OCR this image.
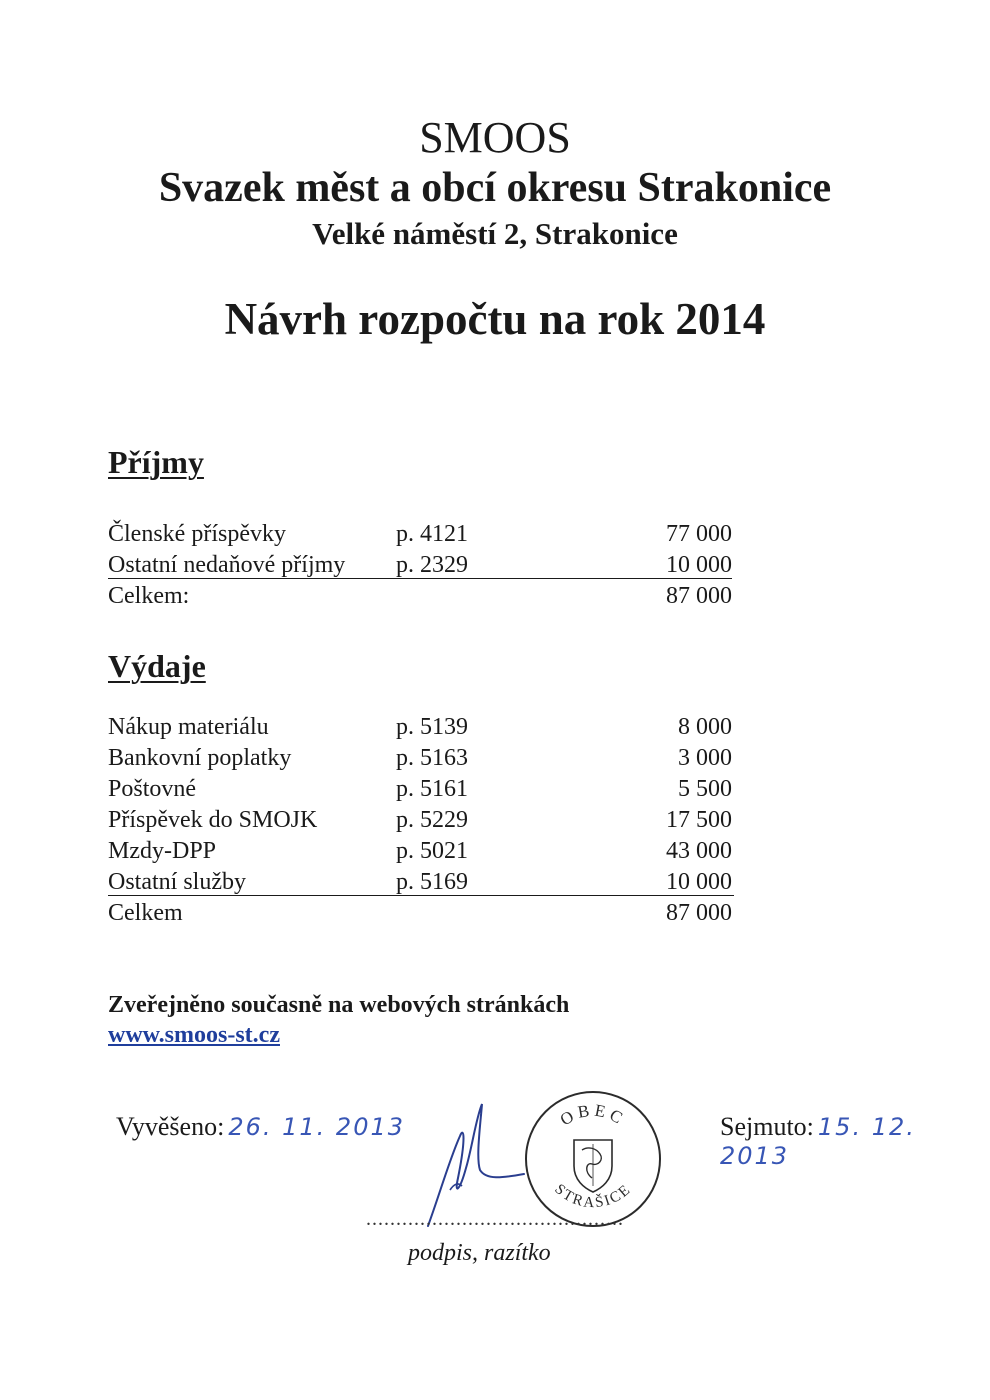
SMOOS
Svazek měst a obcí okresu Strakonice
Velké náměstí 2, Strakonice
Návrh rozpočtu na rok 2014
Příjmy
Členské příspěvky	p. 4121	77 000
Ostatní nedaňové příjmy p. 2329	10 000
Celkem:	87 000
Výdaje
Nákup materiálu	p. 5139	8 000
Bankovní poplatky	p. 5163	3 000
Poštovné	p. 5161	5 500
Příspěvek do SMOJK	p. 5229	17 500
Mzdy-DPP	p. 5021	43 000
Ostatní služby	p. 5169	10 000
Celkem	87 000
Zveřejněno současně na webových stránkách
www.smoos-st.cz
Vyvěšeno: 26. 11. 2013	Sejmuto: 15. 12. 2013
OBEC
STRAŠICE
...........................................
podpis, razítko
